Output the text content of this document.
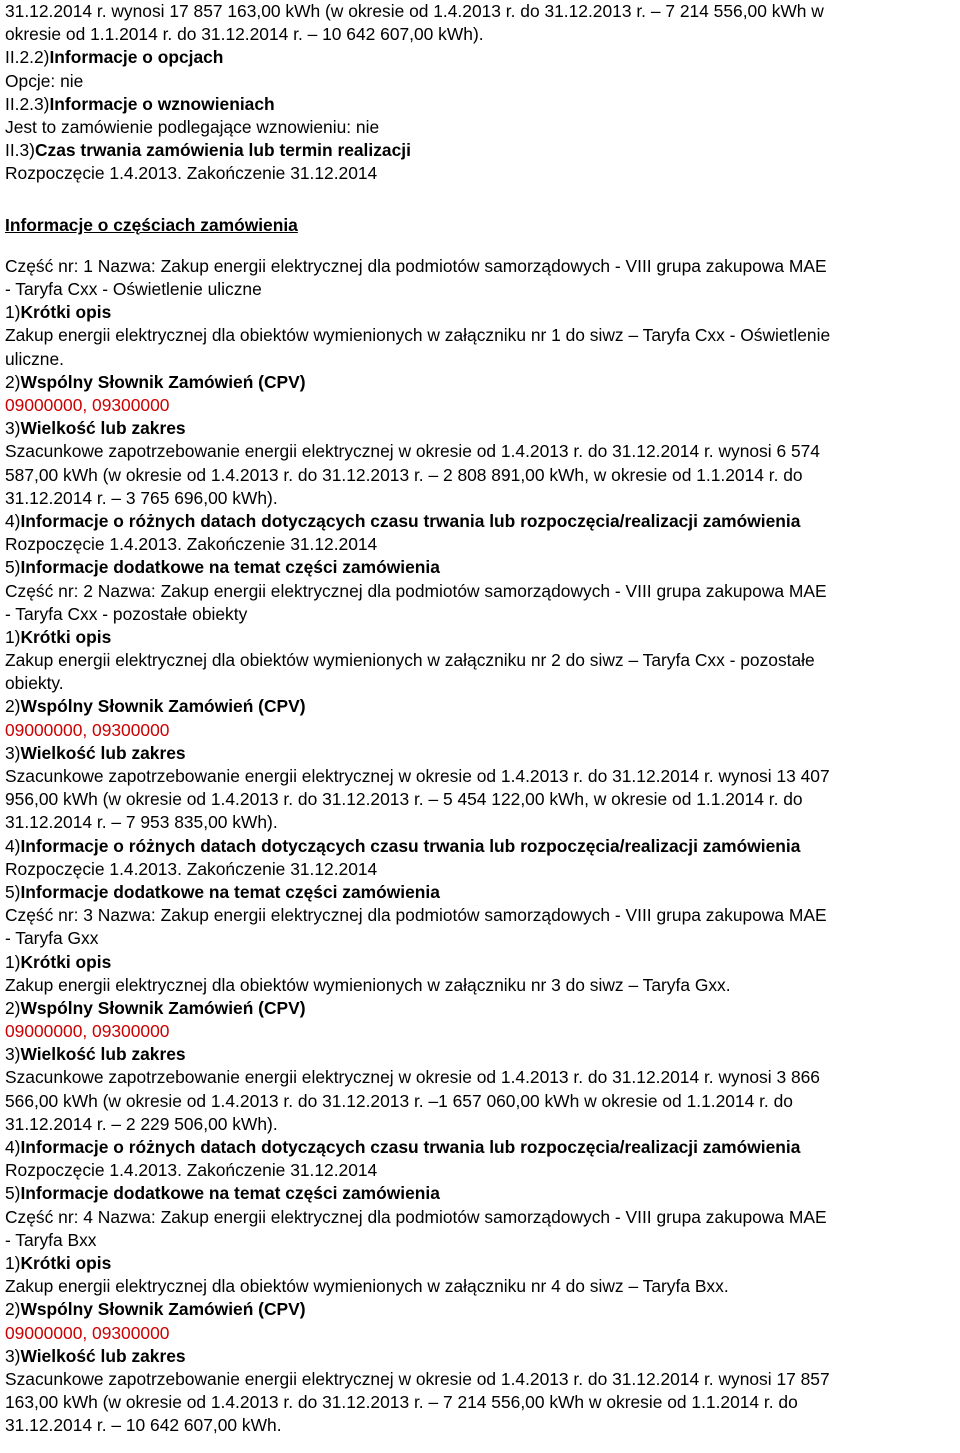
31.12.2014 r. wynosi 17 857 163,00 kWh (w okresie od 1.4.2013 r. do 31.12.2013 r. – 7 214 556,00 kWh w
okresie od 1.1.2014 r. do 31.12.2014 r. – 10 642 607,00 kWh).
II.2.2)Informacje o opcjach
Opcje: nie
II.2.3)Informacje o wznowieniach
Jest to zamówienie podlegające wznowieniu: nie
II.3)Czas trwania zamówienia lub termin realizacji
Rozpoczęcie 1.4.2013. Zakończenie 31.12.2014
Informacje o częściach zamówienia
Część nr: 1 Nazwa: Zakup energii elektrycznej dla podmiotów samorządowych - VIII grupa zakupowa MAE
- Taryfa Cxx - Oświetlenie uliczne
1)Krótki opis
Zakup energii elektrycznej dla obiektów wymienionych w załączniku nr 1 do siwz – Taryfa Cxx - Oświetlenie
uliczne.
2)Wspólny Słownik Zamówień (CPV)
09000000, 09300000
3)Wielkość lub zakres
Szacunkowe zapotrzebowanie energii elektrycznej w okresie od 1.4.2013 r. do 31.12.2014 r. wynosi 6 574
587,00 kWh (w okresie od 1.4.2013 r. do 31.12.2013 r. – 2 808 891,00 kWh, w okresie od 1.1.2014 r. do
31.12.2014 r. – 3 765 696,00 kWh).
4)Informacje o różnych datach dotyczących czasu trwania lub rozpoczęcia/realizacji zamówienia
Rozpoczęcie 1.4.2013. Zakończenie 31.12.2014
5)Informacje dodatkowe na temat części zamówienia
Część nr: 2 Nazwa: Zakup energii elektrycznej dla podmiotów samorządowych - VIII grupa zakupowa MAE
- Taryfa Cxx - pozostałe obiekty
1)Krótki opis
Zakup energii elektrycznej dla obiektów wymienionych w załączniku nr 2 do siwz – Taryfa Cxx - pozostałe
obiekty.
2)Wspólny Słownik Zamówień (CPV)
09000000, 09300000
3)Wielkość lub zakres
Szacunkowe zapotrzebowanie energii elektrycznej w okresie od 1.4.2013 r. do 31.12.2014 r. wynosi 13 407
956,00 kWh (w okresie od 1.4.2013 r. do 31.12.2013 r. – 5 454 122,00 kWh, w okresie od 1.1.2014 r. do
31.12.2014 r. – 7 953 835,00 kWh).
4)Informacje o różnych datach dotyczących czasu trwania lub rozpoczęcia/realizacji zamówienia
Rozpoczęcie 1.4.2013. Zakończenie 31.12.2014
5)Informacje dodatkowe na temat części zamówienia
Część nr: 3 Nazwa: Zakup energii elektrycznej dla podmiotów samorządowych - VIII grupa zakupowa MAE
- Taryfa Gxx
1)Krótki opis
Zakup energii elektrycznej dla obiektów wymienionych w załączniku nr 3 do siwz – Taryfa Gxx.
2)Wspólny Słownik Zamówień (CPV)
09000000, 09300000
3)Wielkość lub zakres
Szacunkowe zapotrzebowanie energii elektrycznej w okresie od 1.4.2013 r. do 31.12.2014 r. wynosi 3 866
566,00 kWh (w okresie od 1.4.2013 r. do 31.12.2013 r. –1 657 060,00 kWh w okresie od 1.1.2014 r. do
31.12.2014 r. – 2 229 506,00 kWh).
4)Informacje o różnych datach dotyczących czasu trwania lub rozpoczęcia/realizacji zamówienia
Rozpoczęcie 1.4.2013. Zakończenie 31.12.2014
5)Informacje dodatkowe na temat części zamówienia
Część nr: 4 Nazwa: Zakup energii elektrycznej dla podmiotów samorządowych - VIII grupa zakupowa MAE
- Taryfa Bxx
1)Krótki opis
Zakup energii elektrycznej dla obiektów wymienionych w załączniku nr 4 do siwz – Taryfa Bxx.
2)Wspólny Słownik Zamówień (CPV)
09000000, 09300000
3)Wielkość lub zakres
Szacunkowe zapotrzebowanie energii elektrycznej w okresie od 1.4.2013 r. do 31.12.2014 r. wynosi 17 857
163,00 kWh (w okresie od 1.4.2013 r. do 31.12.2013 r. – 7 214 556,00 kWh w okresie od 1.1.2014 r. do
31.12.2014 r. – 10 642 607,00 kWh.
